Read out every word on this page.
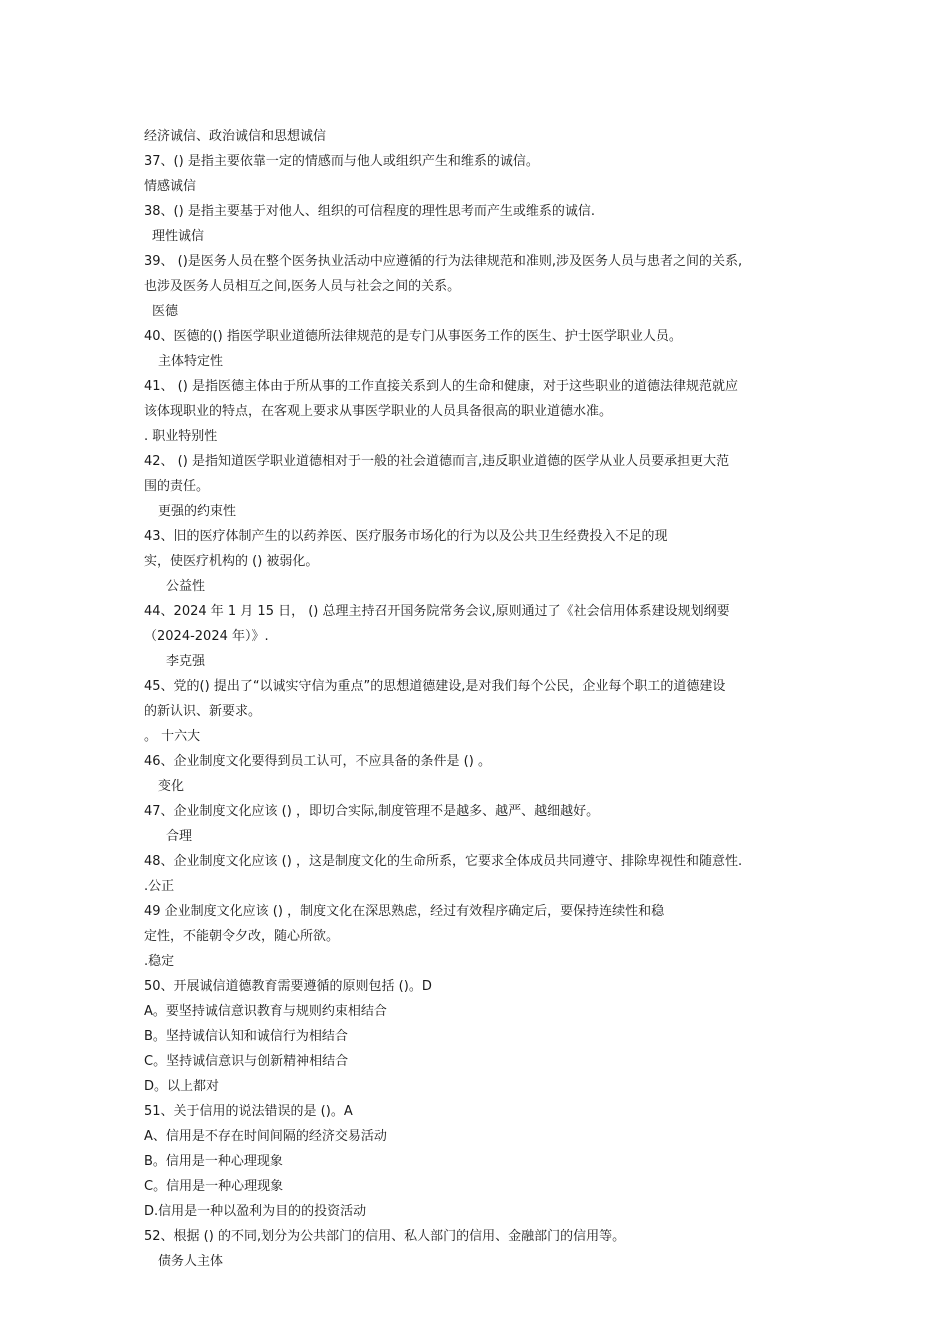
经济诚信、政治诚信和思想诚信
37、() 是指主要依靠一定的情感而与他人或组织产生和维系的诚信。
情感诚信
38、() 是指主要基于对他人、组织的可信程度的理性思考而产生或维系的诚信.
理性诚信
39、 ()是医务人员在整个医务执业活动中应遵循的行为法律规范和准则,涉及医务人员与患者之间的关系,
也涉及医务人员相互之间,医务人员与社会之间的关系。
医德
40、医德的() 指医学职业道德所法律规范的是专门从事医务工作的医生、护士医学职业人员。
主体特定性
41、 () 是指医德主体由于所从事的工作直接关系到人的生命和健康，对于这些职业的道德法律规范就应
该体现职业的特点，在客观上要求从事医学职业的人员具备很高的职业道德水准。
. 职业特别性
42、 () 是指知道医学职业道德相对于一般的社会道德而言,违反职业道德的医学从业人员要承担更大范
围的责任。
更强的约束性
43、旧的医疗体制产生的以药养医、医疗服务市场化的行为以及公共卫生经费投入不足的现
实，使医疗机构的 () 被弱化。
公益性
44、2024 年 1 月 15 日， () 总理主持召开国务院常务会议,原则通过了《社会信用体系建设规划纲要
（2024-2024 年）》.
李克强
45、党的() 提出了“以诚实守信为重点”的思想道德建设,是对我们每个公民，企业每个职工的道德建设
的新认识、新要求。
。 十六大
46、企业制度文化要得到员工认可，不应具备的条件是 () 。
变化
47、企业制度文化应该 () ，即切合实际,制度管理不是越多、越严、越细越好。
合理
48、企业制度文化应该 () ，这是制度文化的生命所系，它要求全体成员共同遵守、排除卑视性和随意性.
.公正
49 企业制度文化应该 () ，制度文化在深思熟虑，经过有效程序确定后，要保持连续性和稳
定性，不能朝令夕改，随心所欲。
.稳定
50、开展诚信道德教育需要遵循的原则包括 ()。D
A。要坚持诚信意识教育与规则约束相结合
B。坚持诚信认知和诚信行为相结合
C。坚持诚信意识与创新精神相结合
D。以上都对
51、关于信用的说法错误的是 ()。A
A、信用是不存在时间间隔的经济交易活动
B。信用是一种心理现象
C。信用是一种心理现象
D.信用是一种以盈利为目的的投资活动
52、根据 () 的不同,划分为公共部门的信用、私人部门的信用、金融部门的信用等。
债务人主体
